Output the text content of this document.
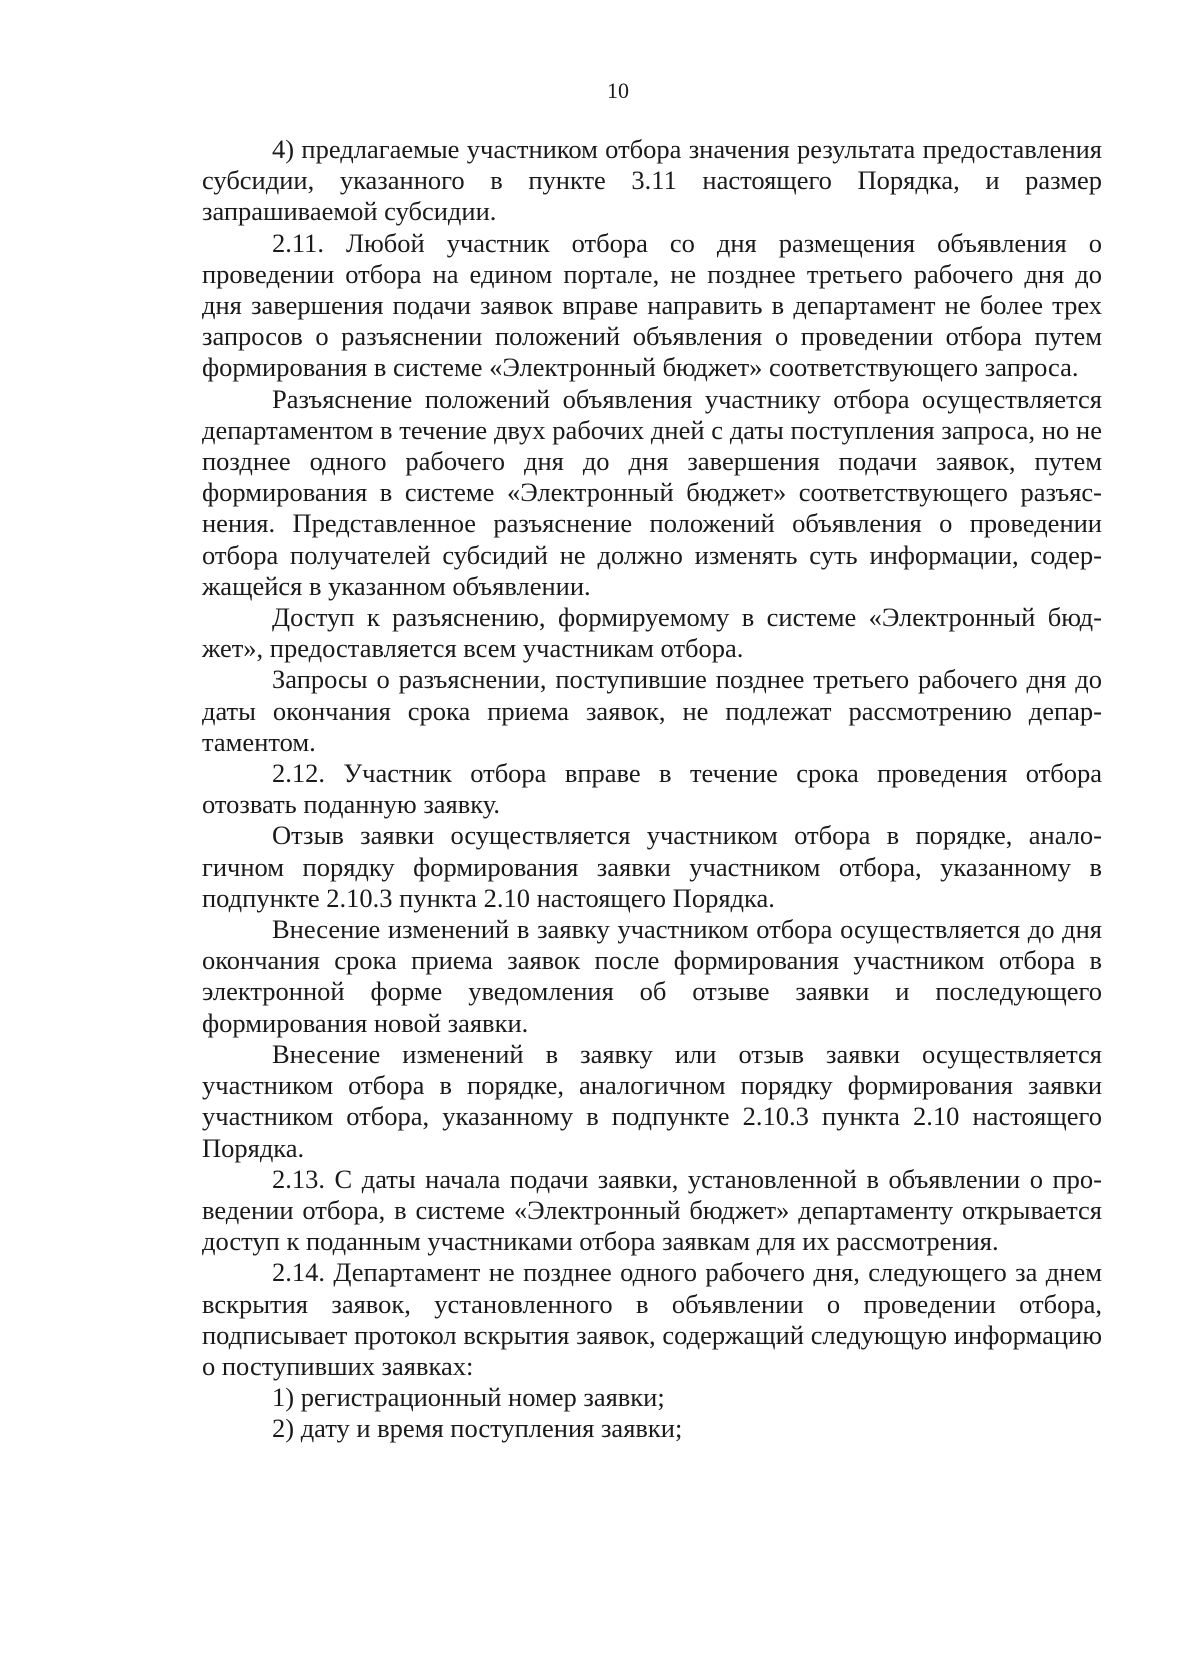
10

4) предлагаемые участником отбора значения результата предоставления субсидии, указанного в пункте 3.11 настоящего Порядка, и размер запрашиваемой субсидии.

2.11. Любой участник отбора со дня размещения объявления о проведении отбора на едином портале, не позднее третьего рабочего дня до дня завершения подачи заявок вправе направить в департамент не более трех запросов о разъяснении положений объявления о проведении отбора путем формирования в системе «Электронный бюджет» соответствующего запроса.

Разъяснение положений объявления участнику отбора осуществляется департаментом в течение двух рабочих дней с даты поступления запроса, но не позднее одного рабочего дня до дня завершения подачи заявок, путем формирования в системе «Электронный бюджет» соответствующего разъяснения. Представленное разъяснение положений объявления о проведении отбора получателей субсидий не должно изменять суть информации, содержащейся в указанном объявлении.

Доступ к разъяснению, формируемому в системе «Электронный бюджет», предоставляется всем участникам отбора.

Запросы о разъяснении, поступившие позднее третьего рабочего дня до даты окончания срока приема заявок, не подлежат рассмотрению департаментом.

2.12. Участник отбора вправе в течение срока проведения отбора отозвать поданную заявку.

Отзыв заявки осуществляется участником отбора в порядке, аналогичном порядку формирования заявки участником отбора, указанному в подпункте 2.10.3 пункта 2.10 настоящего Порядка.

Внесение изменений в заявку участником отбора осуществляется до дня окончания срока приема заявок после формирования участником отбора в электронной форме уведомления об отзыве заявки и последующего формирования новой заявки.

Внесение изменений в заявку или отзыв заявки осуществляется участником отбора в порядке, аналогичном порядку формирования заявки участником отбора, указанному в подпункте 2.10.3 пункта 2.10 настоящего Порядка.

2.13. С даты начала подачи заявки, установленной в объявлении о проведении отбора, в системе «Электронный бюджет» департаменту открывается доступ к поданным участниками отбора заявкам для их рассмотрения.

2.14. Департамент не позднее одного рабочего дня, следующего за днем вскрытия заявок, установленного в объявлении о проведении отбора, подписывает протокол вскрытия заявок, содержащий следующую информацию о поступивших заявках:

1) регистрационный номер заявки;

2) дату и время поступления заявки;
